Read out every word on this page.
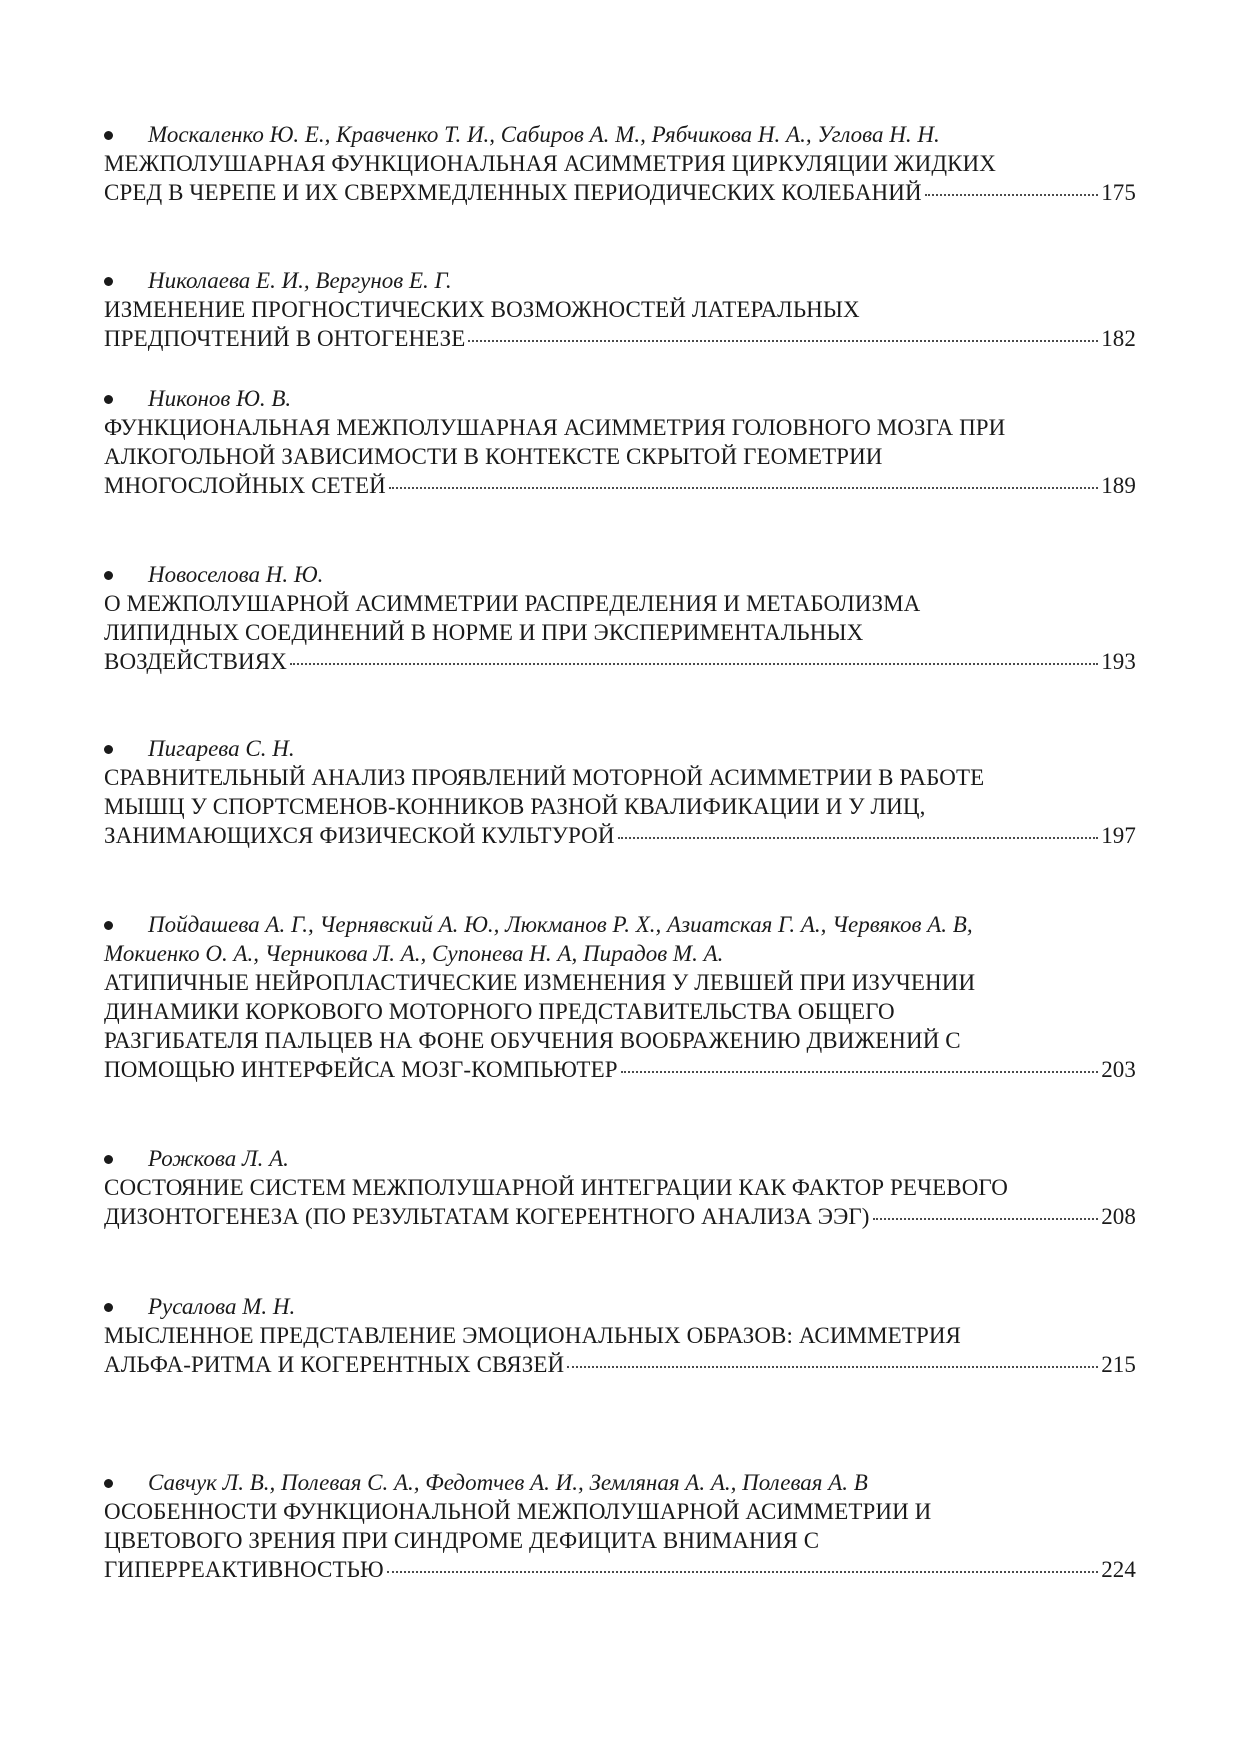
Москаленко Ю. Е., Кравченко Т. И., Сабиров А. М., Рябчикова Н. А., Углова Н. Н.
МЕЖПОЛУШАРНАЯ ФУНКЦИОНАЛЬНАЯ АСИММЕТРИЯ ЦИРКУЛЯЦИИ ЖИДКИХ
СРЕД В ЧЕРЕПЕ И ИХ СВЕРХМЕДЛЕННЫХ ПЕРИОДИЧЕСКИХ КОЛЕБАНИЙ	175
Николаева Е. И., Вергунов Е. Г.
ИЗМЕНЕНИЕ ПРОГНОСТИЧЕСКИХ ВОЗМОЖНОСТЕЙ ЛАТЕРАЛЬНЫХ
ПРЕДПОЧТЕНИЙ В ОНТОГЕНЕЗЕ	182
Никонов Ю. В.
ФУНКЦИОНАЛЬНАЯ МЕЖПОЛУШАРНАЯ АСИММЕТРИЯ ГОЛОВНОГО МОЗГА ПРИ
АЛКОГОЛЬНОЙ ЗАВИСИМОСТИ В КОНТЕКСТЕ СКРЫТОЙ ГЕОМЕТРИИ
МНОГОСЛОЙНЫХ СЕТЕЙ	189
Новоселова Н. Ю.
О МЕЖПОЛУШАРНОЙ АСИММЕТРИИ РАСПРЕДЕЛЕНИЯ И МЕТАБОЛИЗМА
ЛИПИДНЫХ СОЕДИНЕНИЙ В НОРМЕ И ПРИ ЭКСПЕРИМЕНТАЛЬНЫХ
ВОЗДЕЙСТВИЯХ	193
Пигарева С. Н.
СРАВНИТЕЛЬНЫЙ АНАЛИЗ ПРОЯВЛЕНИЙ МОТОРНОЙ АСИММЕТРИИ В РАБОТЕ
МЫШЦ У СПОРТСМЕНОВ-КОННИКОВ РАЗНОЙ КВАЛИФИКАЦИИ И У ЛИЦ,
ЗАНИМАЮЩИХСЯ ФИЗИЧЕСКОЙ КУЛЬТУРОЙ	197
Пойдашева А. Г., Чернявский А. Ю., Люкманов Р. Х., Азиатская Г. А., Червяков А. В,
Мокиенко О. А., Черникова Л. А., Супонева Н. А, Пирадов М. А.
АТИПИЧНЫЕ НЕЙРОПЛАСТИЧЕСКИЕ ИЗМЕНЕНИЯ У ЛЕВШЕЙ ПРИ ИЗУЧЕНИИ
ДИНАМИКИ КОРКОВОГО МОТОРНОГО ПРЕДСТАВИТЕЛЬСТВА ОБЩЕГО
РАЗГИБАТЕЛЯ ПАЛЬЦЕВ НА ФОНЕ ОБУЧЕНИЯ ВООБРАЖЕНИЮ ДВИЖЕНИЙ С
ПОМОЩЬЮ ИНТЕРФЕЙСА МОЗГ-КОМПЬЮТЕР	203
Рожкова Л. А.
СОСТОЯНИЕ СИСТЕМ МЕЖПОЛУШАРНОЙ ИНТЕГРАЦИИ КАК ФАКТОР РЕЧЕВОГО
ДИЗОНТОГЕНЕЗА (ПО РЕЗУЛЬТАТАМ КОГЕРЕНТНОГО АНАЛИЗА ЭЭГ)	208
Русалова М. Н.
МЫСЛЕННОЕ ПРЕДСТАВЛЕНИЕ ЭМОЦИОНАЛЬНЫХ ОБРАЗОВ: АСИММЕТРИЯ
АЛЬФА-РИТМА И КОГЕРЕНТНЫХ СВЯЗЕЙ	215
Савчук Л. В., Полевая С. А., Федотчев А. И., Земляная А. А., Полевая А. В
ОСОБЕННОСТИ ФУНКЦИОНАЛЬНОЙ МЕЖПОЛУШАРНОЙ АСИММЕТРИИ И
ЦВЕТОВОГО ЗРЕНИЯ ПРИ СИНДРОМЕ ДЕФИЦИТА ВНИМАНИЯ С
ГИПЕРРЕАКТИВНОСТЬЮ	224
